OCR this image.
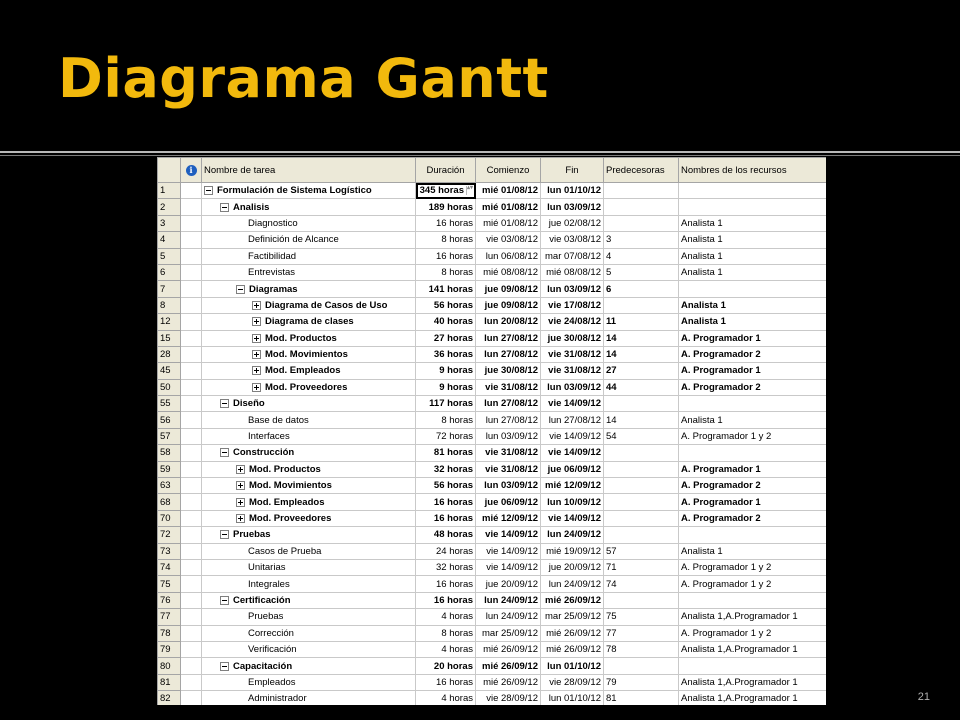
Diagrama Gantt
	i	Nombre de tarea	Duración	Comienzo	Fin	Predecesoras	Nombres de los recursos
1		Formulación de Sistema Logístico	345 horas ▴▾	mié 01/08/12	lun 01/10/12		
2		Analisis	189 horas	mié 01/08/12	lun 03/09/12		
3		Diagnostico	16 horas	mié 01/08/12	jue 02/08/12		Analista 1
4		Definición de Alcance	8 horas	vie 03/08/12	vie 03/08/12	3	Analista 1
5		Factibilidad	16 horas	lun 06/08/12	mar 07/08/12	4	Analista 1
6		Entrevistas	8 horas	mié 08/08/12	mié 08/08/12	5	Analista 1
7		Diagramas	141 horas	jue 09/08/12	lun 03/09/12	6	
8		Diagrama de Casos de Uso	56 horas	jue 09/08/12	vie 17/08/12		Analista 1
12		Diagrama de clases	40 horas	lun 20/08/12	vie 24/08/12	11	Analista 1
15		Mod. Productos	27 horas	lun 27/08/12	jue 30/08/12	14	A. Programador 1
28		Mod. Movimientos	36 horas	lun 27/08/12	vie 31/08/12	14	A. Programador 2
45		Mod. Empleados	9 horas	jue 30/08/12	vie 31/08/12	27	A. Programador 1
50		Mod. Proveedores	9 horas	vie 31/08/12	lun 03/09/12	44	A. Programador 2
55		Diseño	117 horas	lun 27/08/12	vie 14/09/12		
56		Base de datos	8 horas	lun 27/08/12	lun 27/08/12	14	Analista 1
57		Interfaces	72 horas	lun 03/09/12	vie 14/09/12	54	A. Programador 1 y 2
58		Construcción	81 horas	vie 31/08/12	vie 14/09/12		
59		Mod. Productos	32 horas	vie 31/08/12	jue 06/09/12		A. Programador 1
63		Mod. Movimientos	56 horas	lun 03/09/12	mié 12/09/12		A. Programador 2
68		Mod. Empleados	16 horas	jue 06/09/12	lun 10/09/12		A. Programador 1
70		Mod. Proveedores	16 horas	mié 12/09/12	vie 14/09/12		A. Programador 2
72		Pruebas	48 horas	vie 14/09/12	lun 24/09/12		
73		Casos de Prueba	24 horas	vie 14/09/12	mié 19/09/12	57	Analista 1
74		Unitarias	32 horas	vie 14/09/12	jue 20/09/12	71	A. Programador 1 y 2
75		Integrales	16 horas	jue 20/09/12	lun 24/09/12	74	A. Programador 1 y 2
76		Certificación	16 horas	lun 24/09/12	mié 26/09/12		
77		Pruebas	4 horas	lun 24/09/12	mar 25/09/12	75	Analista 1,A.Programador 1
78		Corrección	8 horas	mar 25/09/12	mié 26/09/12	77	A. Programador 1 y 2
79		Verificación	4 horas	mié 26/09/12	mié 26/09/12	78	Analista 1,A.Programador 1
80		Capacitación	20 horas	mié 26/09/12	lun 01/10/12		
81		Empleados	16 horas	mié 26/09/12	vie 28/09/12	79	Analista 1,A.Programador 1
82		Administrador	4 horas	vie 28/09/12	lun 01/10/12	81	Analista 1,A.Programador 1	21
